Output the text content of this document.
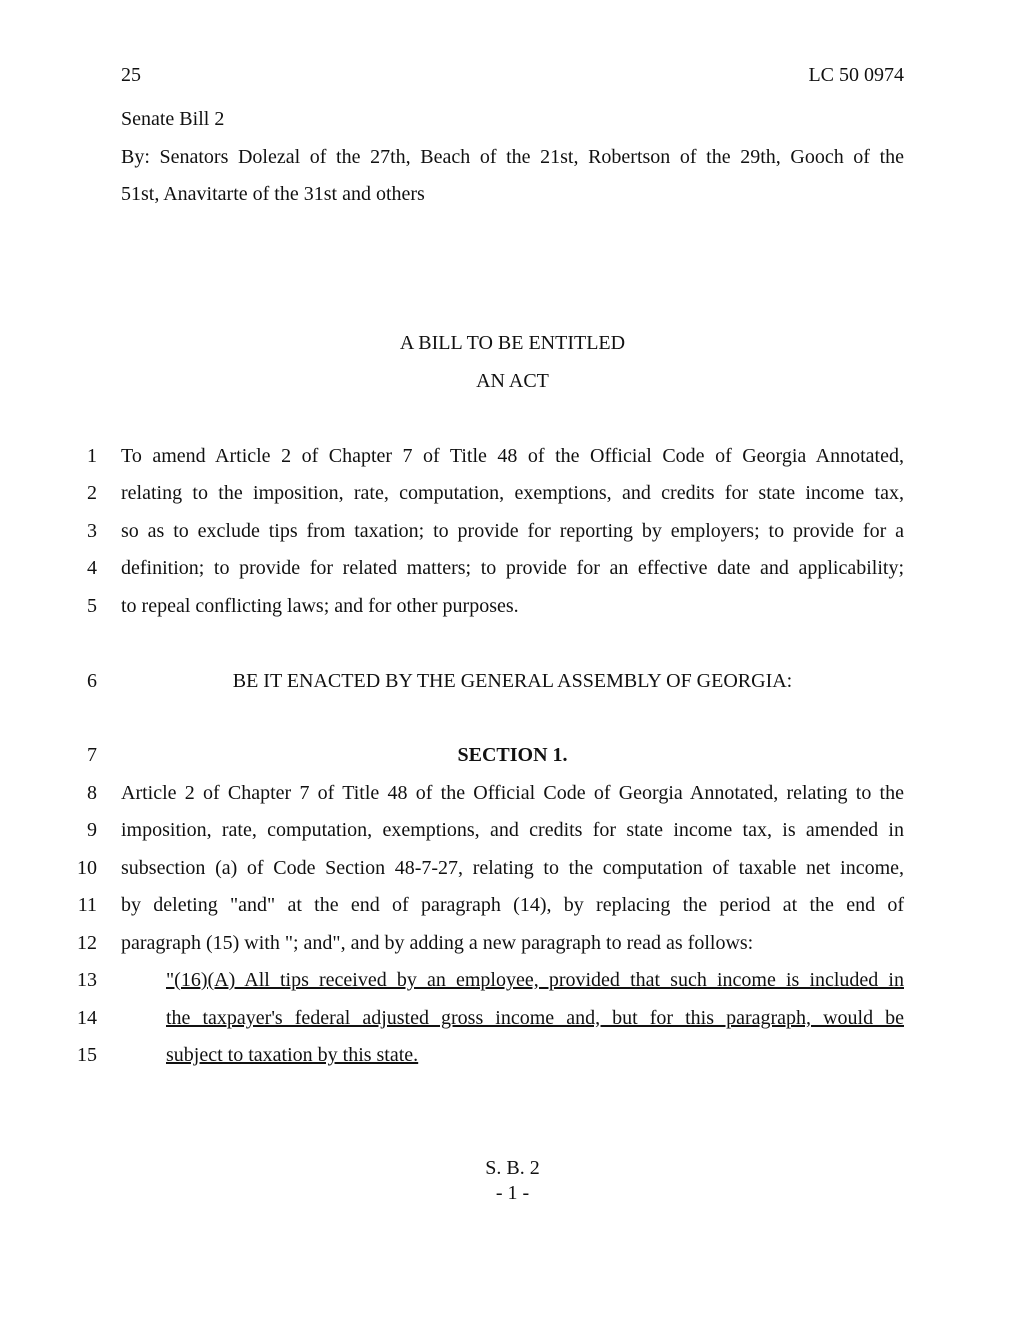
25	LC 50 0974
Senate Bill 2
By: Senators Dolezal of the 27th, Beach of the 21st, Robertson of the 29th, Gooch of the
51st, Anavitarte of the 31st and others
A BILL TO BE ENTITLED
AN ACT
1 To amend Article 2 of Chapter 7 of Title 48 of the Official Code of Georgia Annotated,
2 relating to the imposition, rate, computation, exemptions, and credits for state income tax,
3 so as to exclude tips from taxation; to provide for reporting by employers; to provide for a
4 definition; to provide for related matters; to provide for an effective date and applicability;
5 to repeal conflicting laws; and for other purposes.
6	BE IT ENACTED BY THE GENERAL ASSEMBLY OF GEORGIA:
7	SECTION 1.
8 Article 2 of Chapter 7 of Title 48 of the Official Code of Georgia Annotated, relating to the
9 imposition, rate, computation, exemptions, and credits for state income tax, is amended in
10 subsection (a) of Code Section 48-7-27, relating to the computation of taxable net income,
11 by deleting "and" at the end of paragraph (14), by replacing the period at the end of
12 paragraph (15) with "; and", and by adding a new paragraph to read as follows:
13	"(16)(A) All tips received by an employee, provided that such income is included in
14	the taxpayer's federal adjusted gross income and, but for this paragraph, would be
15	subject to taxation by this state.
S. B. 2
- 1 -
